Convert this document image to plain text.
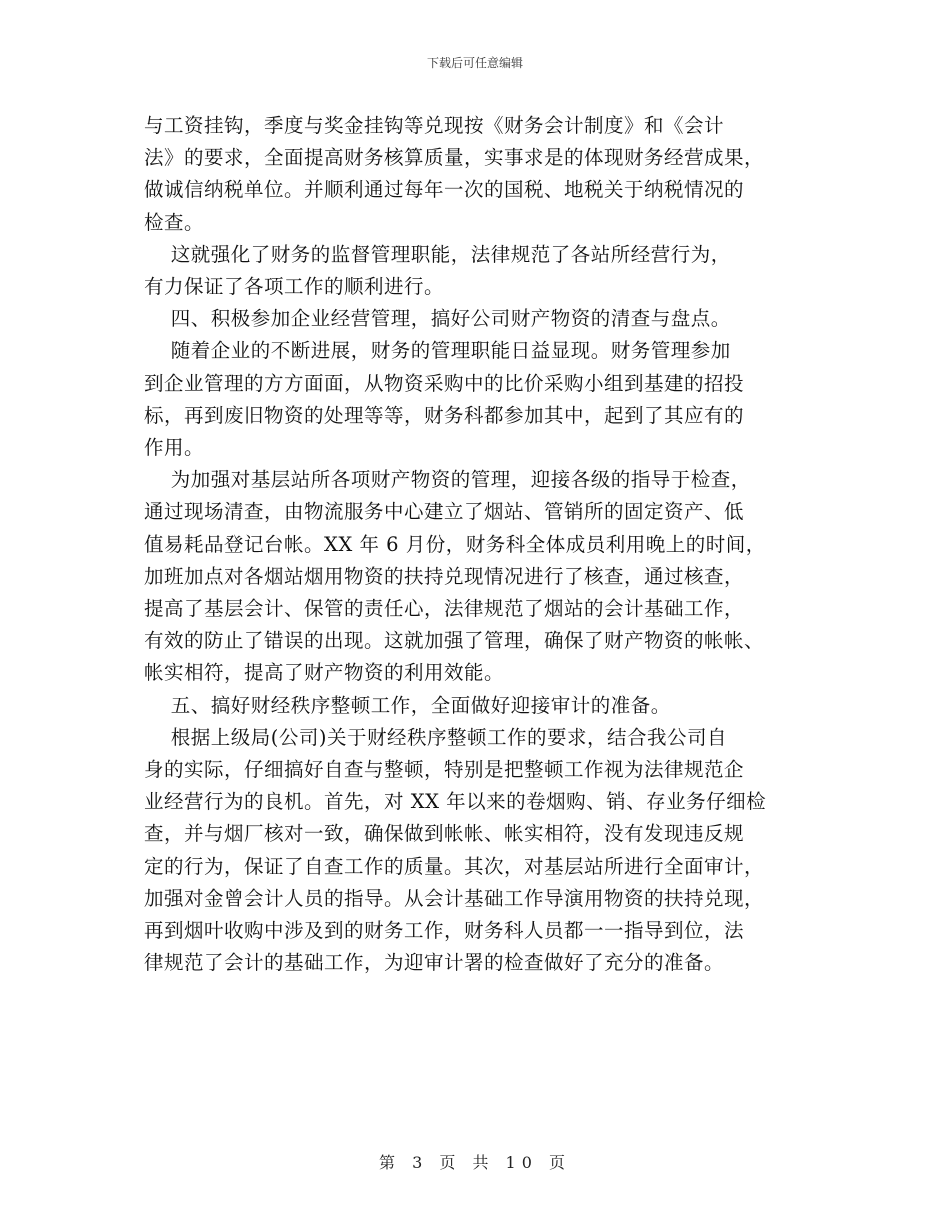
下载后可任意编辑

与工资挂钩，季度与奖金挂钩等兑现按《财务会计制度》和《会计
法》的要求，全面提高财务核算质量，实事求是的体现财务经营成果，
做诚信纳税单位。并顺利通过每年一次的国税、地税关于纳税情况的
检查。

这就强化了财务的监督管理职能，法律规范了各站所经营行为，
有力保证了各项工作的顺利进行。

四、积极参加企业经营管理，搞好公司财产物资的清查与盘点。

随着企业的不断进展，财务的管理职能日益显现。财务管理参加
到企业管理的方方面面，从物资采购中的比价采购小组到基建的招投
标，再到废旧物资的处理等等，财务科都参加其中，起到了其应有的
作用。

为加强对基层站所各项财产物资的管理，迎接各级的指导于检查，
通过现场清查，由物流服务中心建立了烟站、管销所的固定资产、低
值易耗品登记台帐。XX 年 6 月份，财务科全体成员利用晚上的时间，
加班加点对各烟站烟用物资的扶持兑现情况进行了核查，通过核查，
提高了基层会计、保管的责任心，法律规范了烟站的会计基础工作，
有效的防止了错误的出现。这就加强了管理，确保了财产物资的帐帐、
帐实相符，提高了财产物资的利用效能。

五、搞好财经秩序整顿工作，全面做好迎接审计的准备。

根据上级局(公司)关于财经秩序整顿工作的要求，结合我公司自
身的实际，仔细搞好自查与整顿，特别是把整顿工作视为法律规范企
业经营行为的良机。首先，对 XX 年以来的卷烟购、销、存业务仔细检
查，并与烟厂核对一致，确保做到帐帐、帐实相符，没有发现违反规
定的行为，保证了自查工作的质量。其次，对基层站所进行全面审计，
加强对金曾会计人员的指导。从会计基础工作导演用物资的扶持兑现，
再到烟叶收购中涉及到的财务工作，财务科人员都一一指导到位，法
律规范了会计的基础工作，为迎审计署的检查做好了充分的准备。

第 3 页 共 10 页
